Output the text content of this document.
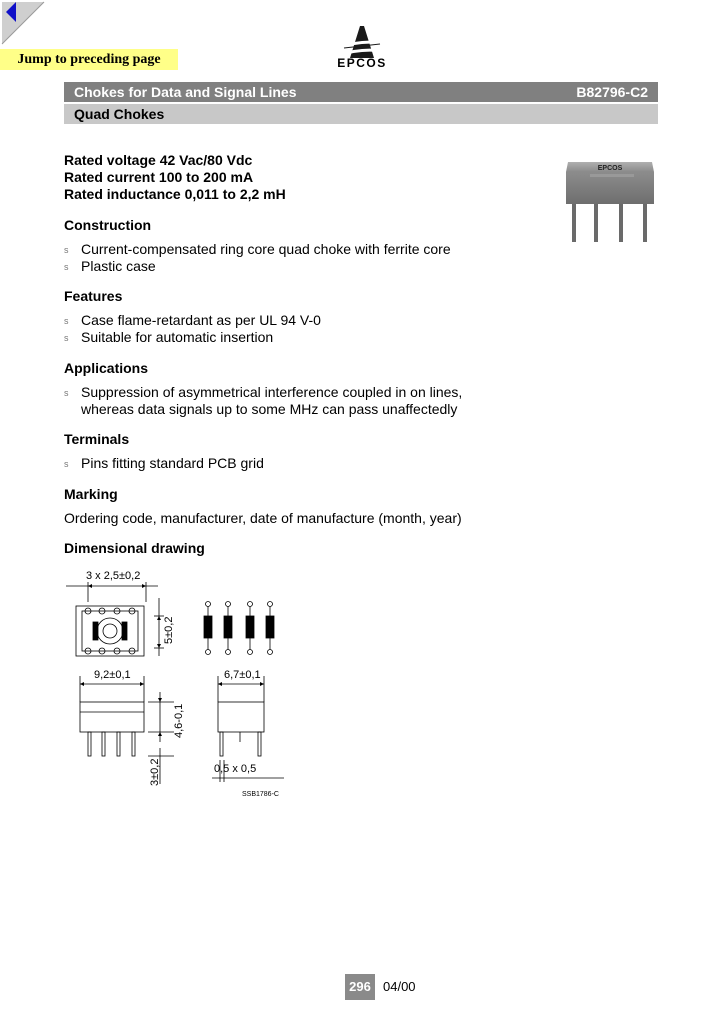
Jump to preceding page	EPCOS
Chokes for Data and Signal Lines	B82796-C2
Quad Chokes
Rated voltage 42 Vac/80 Vdc
Rated current 100 to 200 mA
Rated inductance 0,011 to 2,2 mH
EPCOS
Construction
s Current-compensated ring core quad choke with ferrite core
s Plastic case
Features
s Case flame-retardant as per UL 94 V-0
s Suitable for automatic insertion
Applications
s Suppression of asymmetrical interference coupled in on lines,
whereas data signals up to some MHz can pass unaffectedly
Terminals
s Pins fitting standard PCB grid
Marking
Ordering code, manufacturer, date of manufacture (month, year)
Dimensional drawing
3 x 2,5±0,2
5±0,2
9,2±0,1	6,7±0,1
4,6-0,1
3±0,2	0,5 x 0,5
SSB1786-C
296 04/00
